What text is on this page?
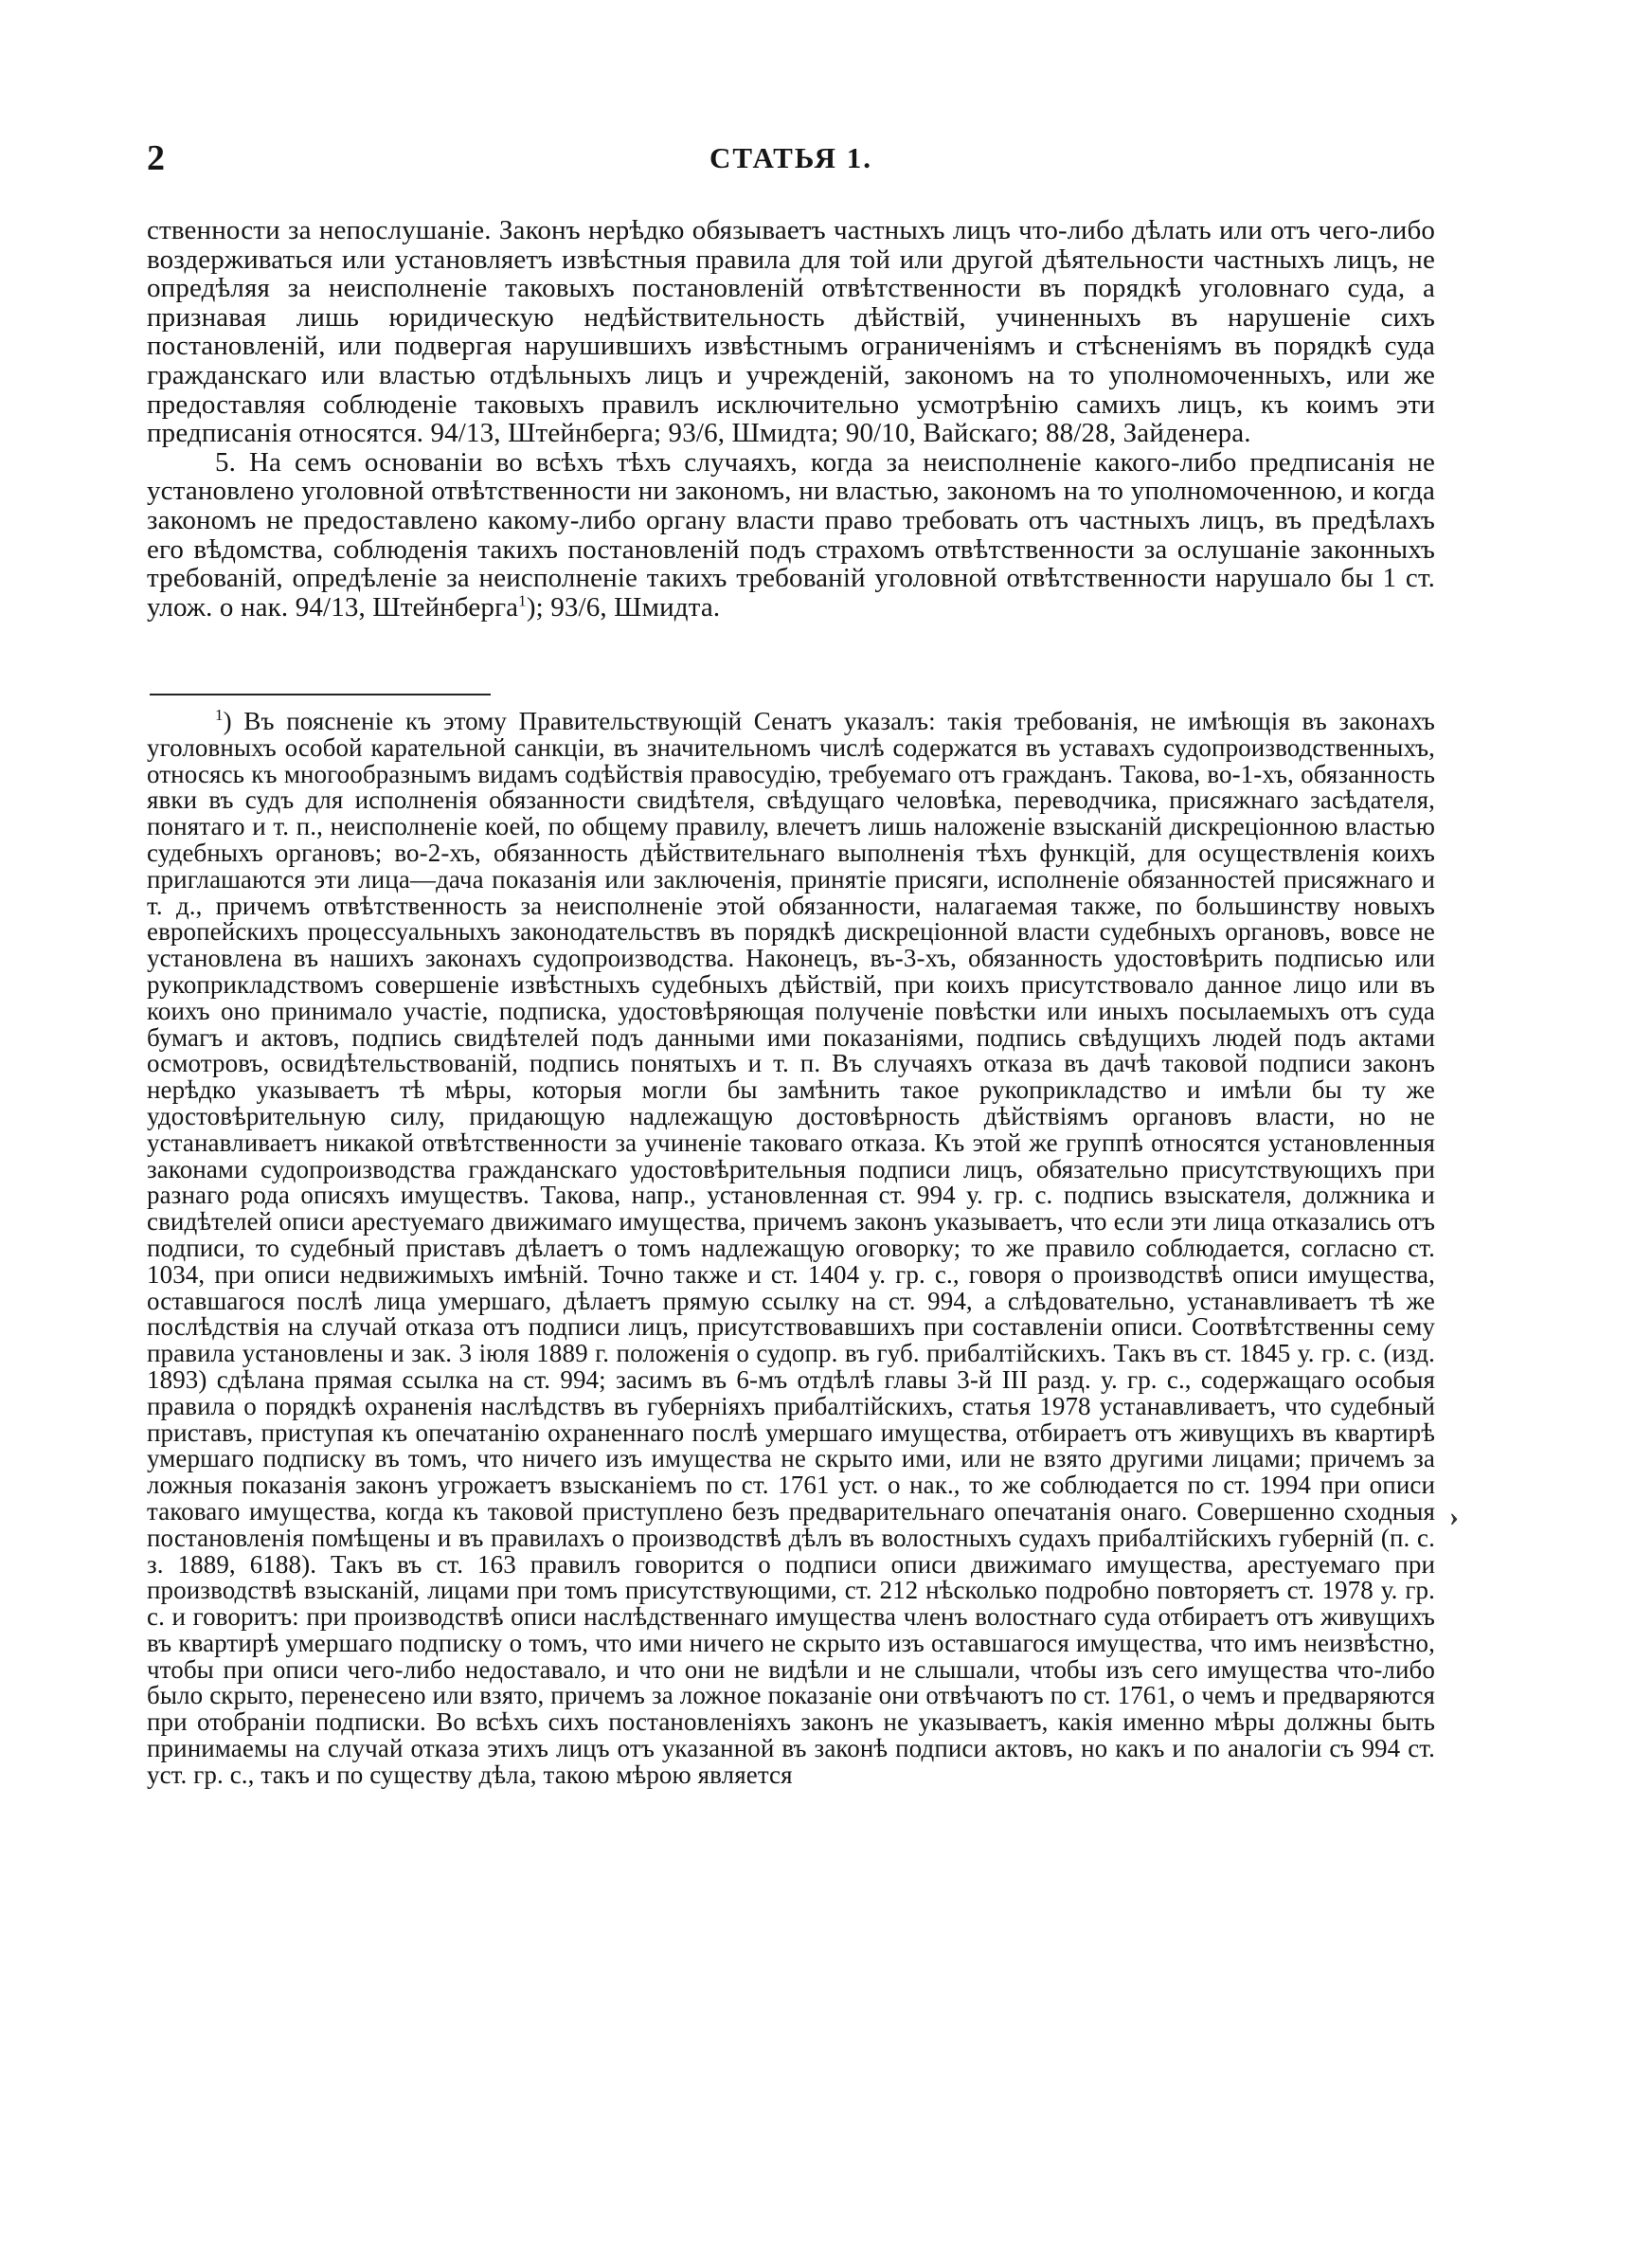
2	СТАТЬЯ 1.

ственности за непослушаніе. Законъ нерѣдко обязываетъ частныхъ лицъ что-либо дѣлать или отъ чего-либо воздерживаться или установляетъ извѣстныя правила для той или другой дѣятельности частныхъ лицъ, не опредѣляя за неисполненіе таковыхъ постановленій отвѣтственности въ порядкѣ уголовнаго суда, а признавая лишь юридическую недѣйствительность дѣйствій, учиненныхъ въ нарушеніе сихъ постановленій, или подвергая нарушившихъ извѣстнымъ ограниченіямъ и стѣсненіямъ въ порядкѣ суда гражданскаго или властью отдѣльныхъ лицъ и учрежденій, закономъ на то уполномоченныхъ, или же предоставляя соблюденіе таковыхъ правилъ исключительно усмотрѣнію самихъ лицъ, къ коимъ эти предписанія относятся. 94/13, Штейнберга; 93/6, Шмидта; 90/10, Вайскаго; 88/28, Зайденера.

5. На семъ основаніи во всѣхъ тѣхъ случаяхъ, когда за неисполненіе какого-либо предписанія не установлено уголовной отвѣтственности ни закономъ, ни властью, закономъ на то уполномоченною, и когда закономъ не предоставлено какому-либо органу власти право требовать отъ частныхъ лицъ, въ предѣлахъ его вѣдомства, соблюденія такихъ постановленій подъ страхомъ отвѣтственности за ослушаніе законныхъ требованій, опредѣленіе за неисполненіе такихъ требованій уголовной отвѣтственности нарушало бы 1 ст. улож. о нак. 94/13, Штейнберга$^1$); 93/6, Шмидта.

$^1$) Въ поясненіе къ этому Правительствующій Сенатъ указалъ: такія требованія, не имѣющія въ законахъ уголовныхъ особой карательной санкціи, въ значительномъ числѣ содержатся въ уставахъ судопроизводственныхъ, относясь къ многообразнымъ видамъ содѣйствія правосудію, требуемаго отъ гражданъ. Такова, во-1-хъ, обязанность явки въ судъ для исполненія обязанности свидѣтеля, свѣдущаго человѣка, переводчика, присяжнаго засѣдателя, понятаго и т. п., неисполненіе коей, по общему правилу, влечетъ лишь наложеніе взысканій дискреціонною властью судебныхъ органовъ; во-2-хъ, обязанность дѣйствительнаго выполненія тѣхъ функцій, для осуществленія коихъ приглашаются эти лица—дача показанія или заключенія, принятіе присяги, исполненіе обязанностей присяжнаго и т. д., причемъ отвѣтственность за неисполненіе этой обязанности, налагаемая также, по большинству новыхъ европейскихъ процессуальныхъ законодательствъ въ порядкѣ дискреціонной власти судебныхъ органовъ, вовсе не установлена въ нашихъ законахъ судопроизводства. Наконецъ, въ-3-хъ, обязанность удостовѣрить подписью или рукоприкладствомъ совершеніе извѣстныхъ судебныхъ дѣйствій, при коихъ присутствовало данное лицо или въ коихъ оно принимало участіе, подписка, удостовѣряющая полученіе повѣстки или иныхъ посылаемыхъ отъ суда бумагъ и актовъ, подпись свидѣтелей подъ данными ими показаніями, подпись свѣдущихъ людей подъ актами осмотровъ, освидѣтельствованій, подпись понятыхъ и т. п. Въ случаяхъ отказа въ дачѣ таковой подписи законъ нерѣдко указываетъ тѣ мѣры, которыя могли бы замѣнить такое рукоприкладство и имѣли бы ту же удостовѣрительную силу, придающую надлежащую достовѣрность дѣйствіямъ органовъ власти, но не устанавливаетъ никакой отвѣтственности за учиненіе таковаго отказа. Къ этой же группѣ относятся установленныя законами судопроизводства гражданскаго удостовѣрительныя подписи лицъ, обязательно присутствующихъ при разнаго рода описяхъ имуществъ. Такова, напр., установленная ст. 994 у. гр. с. подпись взыскателя, должника и свидѣтелей описи арестуемаго движимаго имущества, причемъ законъ указываетъ, что если эти лица отказались отъ подписи, то судебный приставъ дѣлаетъ о томъ надлежащую оговорку; то же правило соблюдается, согласно ст. 1034, при описи недвижимыхъ имѣній. Точно также и ст. 1404 у. гр. с., говоря о производствѣ описи имущества, оставшагося послѣ лица умершаго, дѣлаетъ прямую ссылку на ст. 994, а слѣдовательно, устанавливаетъ тѣ же послѣдствія на случай отказа отъ подписи лицъ, присутствовавшихъ при составленіи описи. Соотвѣтственны сему правила установлены и зак. 3 іюля 1889 г. положенія о судопр. въ губ. прибалтійскихъ. Такъ въ ст. 1845 у. гр. с. (изд. 1893) сдѣлана прямая ссылка на ст. 994; засимъ въ 6-мъ отдѣлѣ главы 3-й III разд. у. гр. с., содержащаго особыя правила о порядкѣ охраненія наслѣдствъ въ губерніяхъ прибалтійскихъ, статья 1978 устанавливаетъ, что судебный приставъ, приступая къ опечатанію охраненнаго послѣ умершаго имущества, отбираетъ отъ живущихъ въ квартирѣ умершаго подписку въ томъ, что ничего изъ имущества не скрыто ими, или не взято другими лицами; причемъ за ложныя показанія законъ угрожаетъ взысканіемъ по ст. 1761 уст. о нак., то же соблюдается по ст. 1994 при описи таковаго имущества, когда къ таковой приступлено безъ предварительнаго опечатанія онаго. Совершенно сходныя постановленія помѣщены и въ правилахъ о производствѣ дѣлъ въ волостныхъ судахъ прибалтійскихъ губерній (п. с. з. 1889, 6188). Такъ въ ст. 163 правилъ говорится о подписи описи движимаго имущества, арестуемаго при производствѣ взысканій, лицами при томъ присутствующими, ст. 212 нѣсколько подробно повторяетъ ст. 1978 у. гр. с. и говоритъ: при производствѣ описи наслѣдственнаго имущества членъ волостнаго суда отбираетъ отъ живущихъ въ квартирѣ умершаго подписку о томъ, что ими ничего не скрыто изъ оставшагося имущества, что имъ неизвѣстно, чтобы при описи чего-либо недоставало, и что они не видѣли и не слышали, чтобы изъ сего имущества что-либо было скрыто, перенесено или взято, причемъ за ложное показаніе они отвѣчаютъ по ст. 1761, о чемъ и предваряются при отобраніи подписки. Во всѣхъ сихъ постановленіяхъ законъ не указываетъ, какія именно мѣры должны быть принимаемы на случай отказа этихъ лицъ отъ указанной въ законѣ подписи актовъ, но какъ и по аналогіи съ 994 ст. уст. гр. с., такъ и по существу дѣла, такою мѣрою является

›
